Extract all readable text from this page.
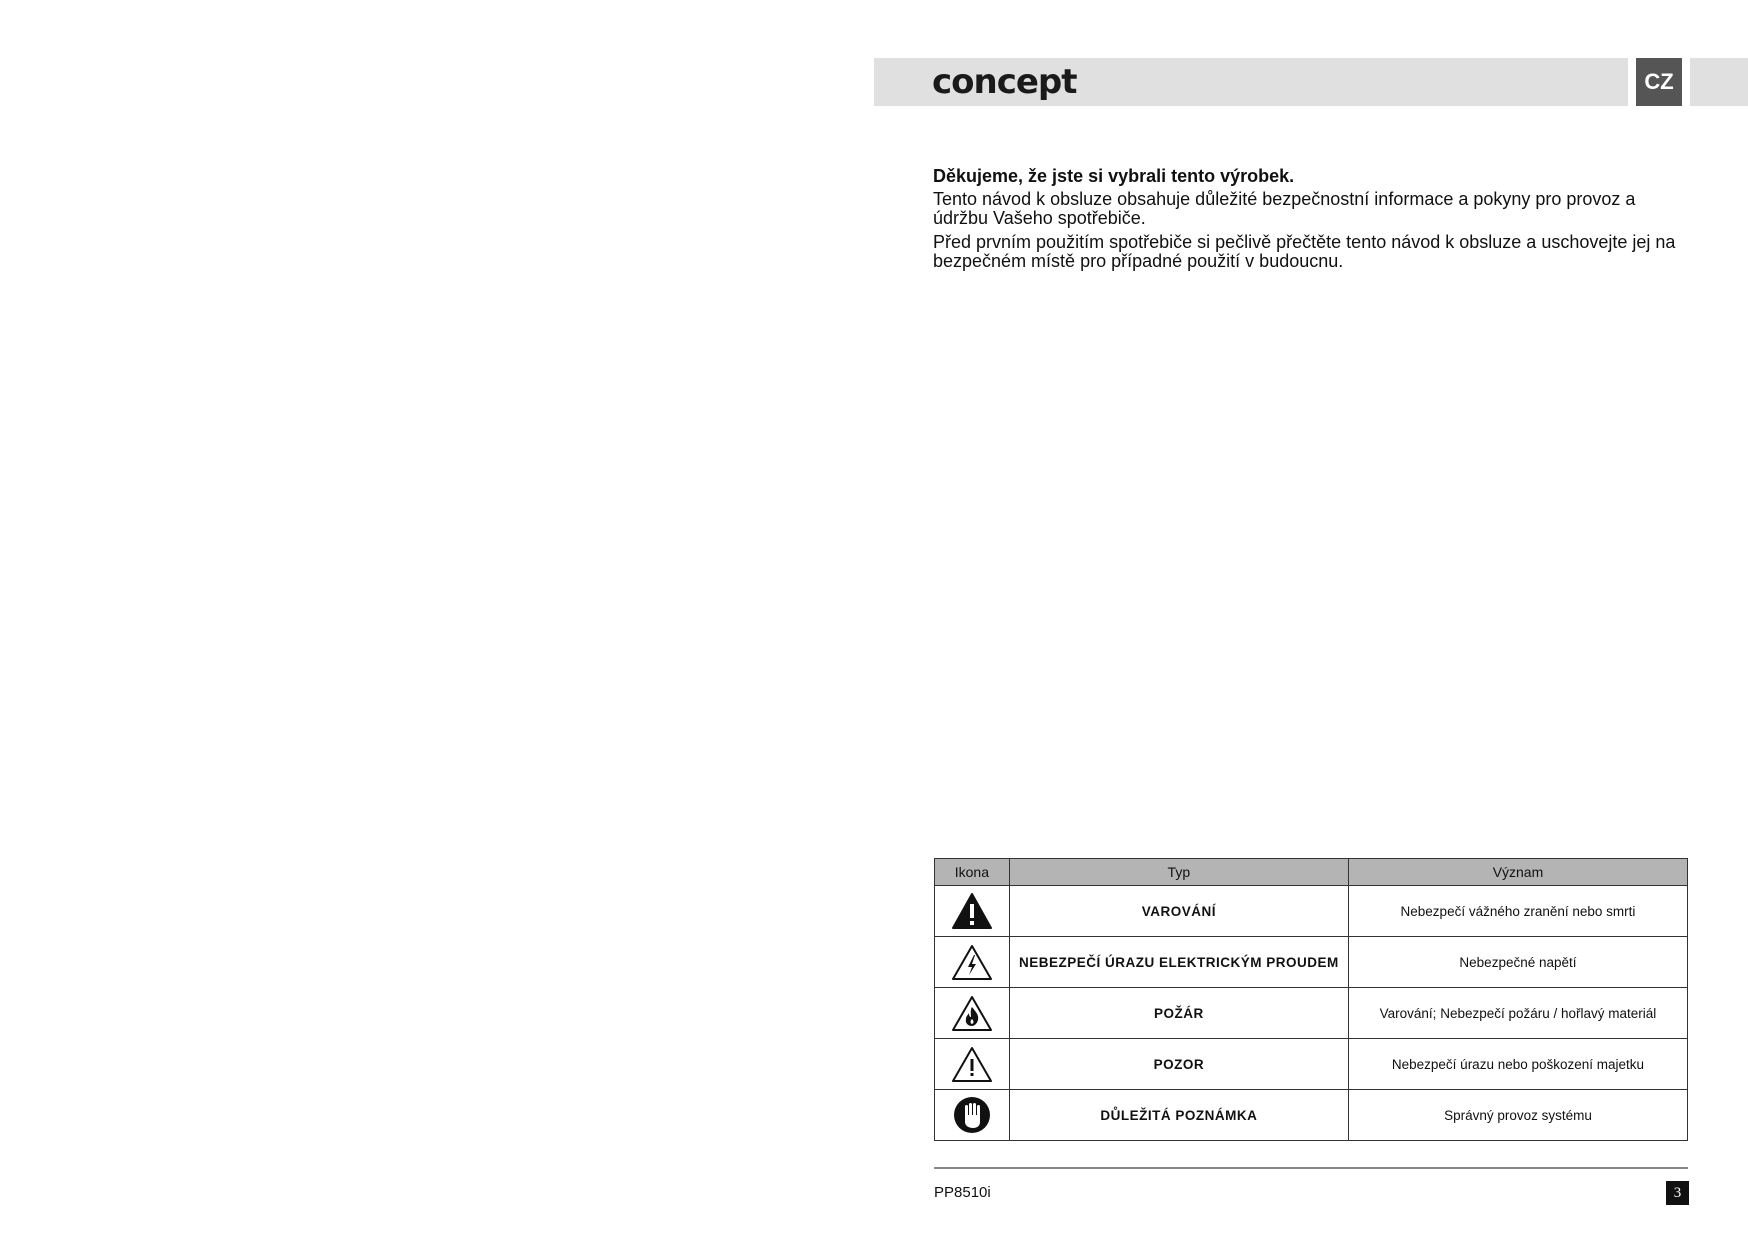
concept	CZ

Děkujeme, že jste si vybrali tento výrobek.

Tento návod k obsluze obsahuje důležité bezpečnostní informace a pokyny pro provoz a údržbu Vašeho spotřebiče.

Před prvním použitím spotřebiče si pečlivě přečtěte tento návod k obsluze a uschovejte jej na bezpečném místě pro případné použití v budoucnu.

Ikona	Typ	Význam

	VAROVÁNÍ	Nebezpečí vážného zranění nebo smrti

	NEBEZPEČÍ ÚRAZU ELEKTRICKÝM PROUDEM	Nebezpečné napětí

	POŽÁR	Varování; Nebezpečí požáru / hořlavý materiál

	POZOR	Nebezpečí úrazu nebo poškození majetku

	DŮLEŽITÁ POZNÁMKA	Správný provoz systému
PP8510i	3
